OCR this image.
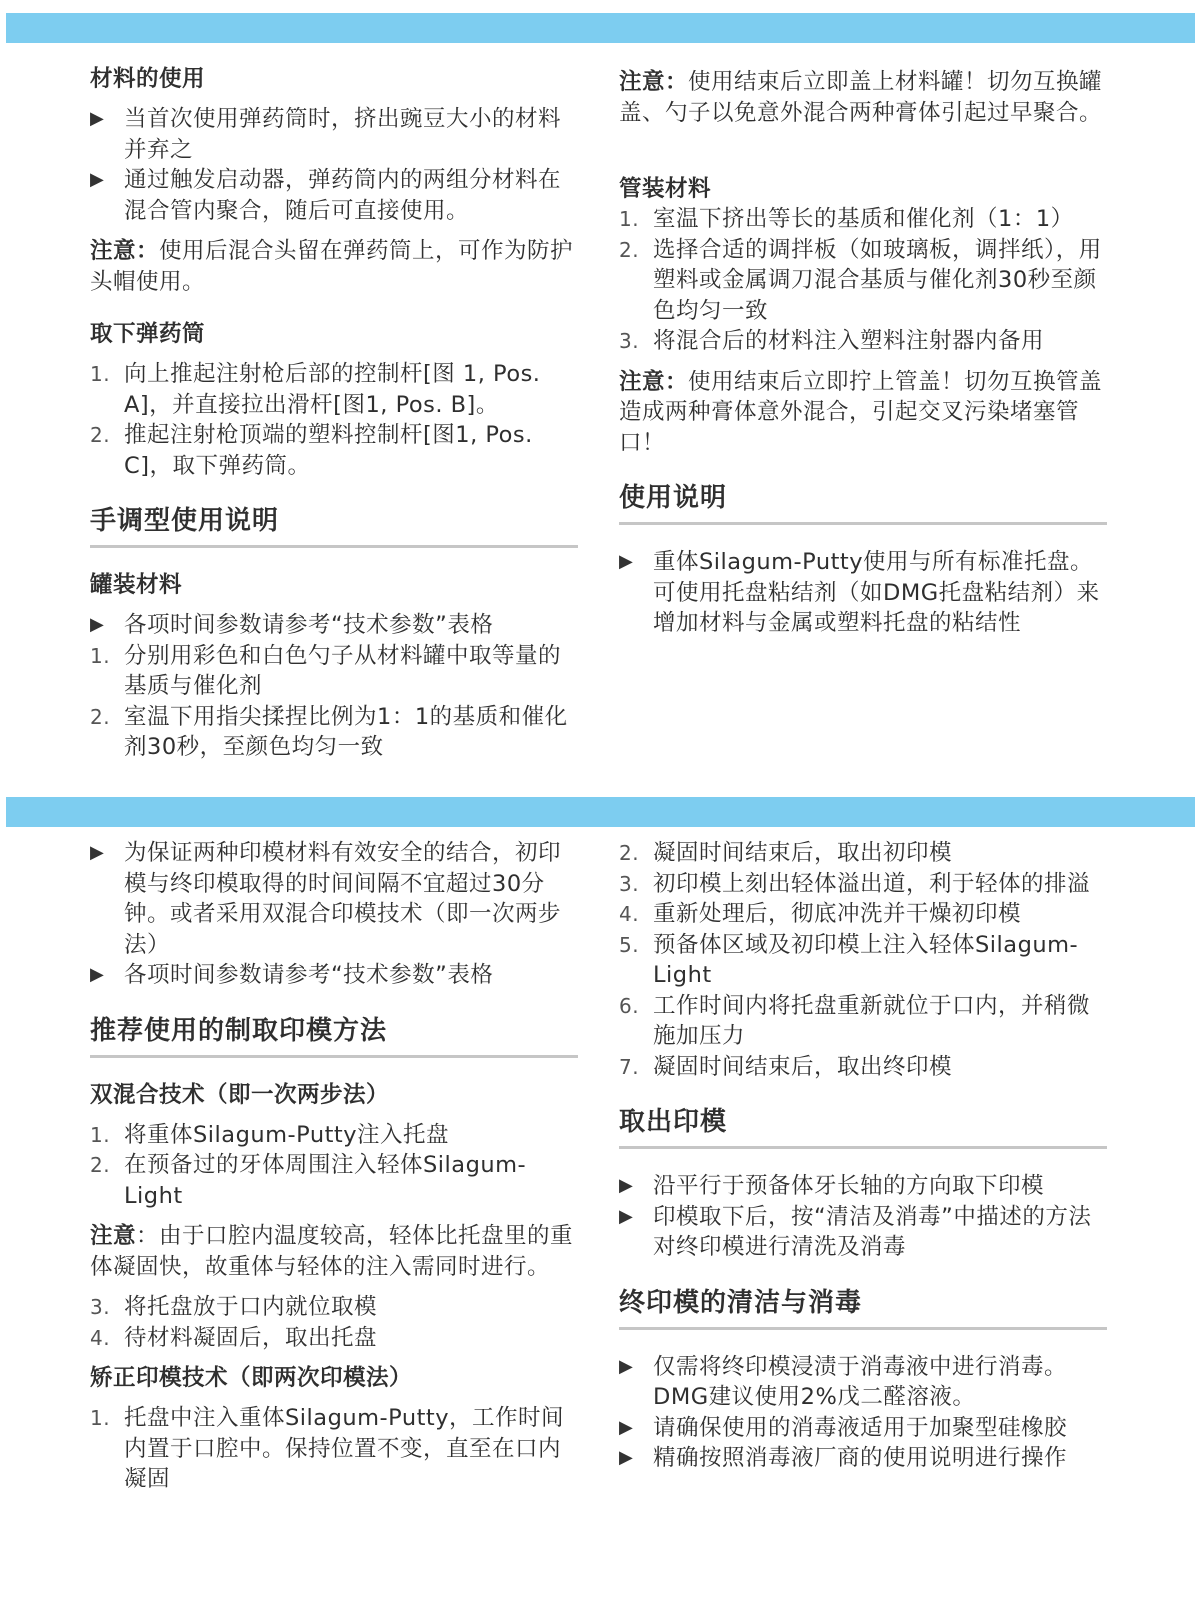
材料的使用
▶ 当首次使用弹药筒时，挤出豌豆大小的材料并弃之
▶ 通过触发启动器，弹药筒内的两组分材料在混合管内聚合，随后可直接使用。

注意：使用后混合头留在弹药筒上，可作为防护头帽使用。

取下弹药筒
1. 向上推起注射枪后部的控制杆[图 1, Pos. A]，并直接拉出滑杆[图1, Pos. B]。
2. 推起注射枪顶端的塑料控制杆[图1, Pos. C]，取下弹药筒。
手调型使用说明
罐装材料
▶ 各项时间参数请参考“技术参数”表格
1. 分别用彩色和白色勺子从材料罐中取等量的基质与催化剂
2. 室温下用指尖揉捏比例为1：1的基质和催化剂30秒，至颜色均匀一致

注意：使用结束后立即盖上材料罐！切勿互换罐盖、勺子以免意外混合两种膏体引起过早聚合。

管装材料
1. 室温下挤出等长的基质和催化剂（1：1）
2. 选择合适的调拌板（如玻璃板，调拌纸），用塑料或金属调刀混合基质与催化剂30秒至颜色均匀一致
3. 将混合后的材料注入塑料注射器内备用

注意：使用结束后立即拧上管盖！切勿互换管盖造成两种膏体意外混合，引起交叉污染堵塞管口！

使用说明
▶ 重体Silagum-Putty使用与所有标准托盘。可使用托盘粘结剂（如DMG托盘粘结剂）来增加材料与金属或塑料托盘的粘结性
▶ 为保证两种印模材料有效安全的结合，初印模与终印模取得的时间间隔不宜超过30分钟。或者采用双混合印模技术（即一次两步法）
▶ 各项时间参数请参考“技术参数”表格
推荐使用的制取印模方法
双混合技术（即一次两步法）
1. 将重体Silagum-Putty注入托盘
2. 在预备过的牙体周围注入轻体Silagum-Light

注意：由于口腔内温度较高，轻体比托盘里的重体凝固快，故重体与轻体的注入需同时进行。

3. 将托盘放于口内就位取模
4. 待材料凝固后，取出托盘
矫正印模技术（即两次印模法）
1. 托盘中注入重体Silagum-Putty，工作时间内置于口腔中。保持位置不变，直至在口内凝固
2. 凝固时间结束后，取出初印模
3. 初印模上刻出轻体溢出道，利于轻体的排溢
4. 重新处理后，彻底冲洗并干燥初印模
5. 预备体区域及初印模上注入轻体Silagum-Light
6. 工作时间内将托盘重新就位于口内，并稍微施加压力
7. 凝固时间结束后，取出终印模
取出印模
▶ 沿平行于预备体牙长轴的方向取下印模
▶ 印模取下后，按“清洁及消毒”中描述的方法对终印模进行清洗及消毒
终印模的清洁与消毒
▶ 仅需将终印模浸渍于消毒液中进行消毒。DMG建议使用2%戊二醛溶液。
▶ 请确保使用的消毒液适用于加聚型硅橡胶
▶ 精确按照消毒液厂商的使用说明进行操作
